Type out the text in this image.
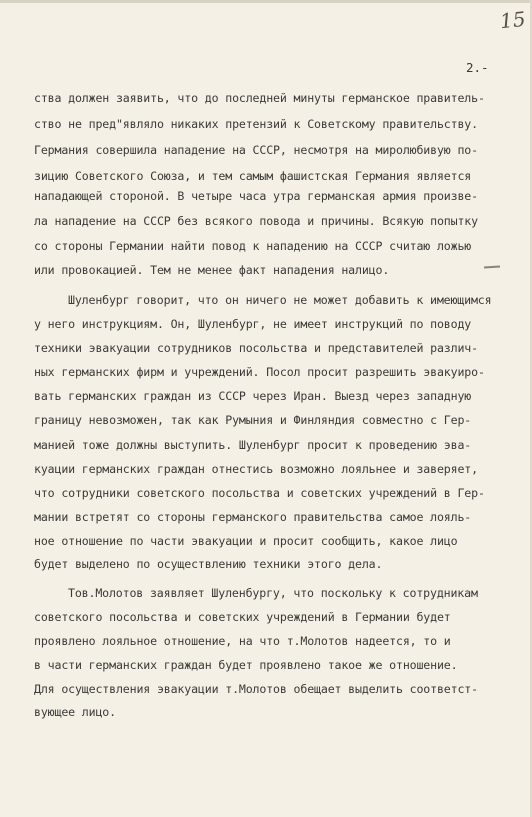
15
2.-
ства должен заявить, что до последней минуты германское правитель-
ство не пред"являло никаких претензий к Советскому правительству.
Германия совершила нападение на СССР, несмотря на миролюбивую по-
зицию Советского Союза, и тем самым фашистская Германия является
нападающей стороной. В четыре часа утра германская армия произве-
ла нападение на СССР без всякого повода и причины. Всякую попытку
со стороны Германии найти повод к нападению на СССР считаю ложью
или провокацией. Тем не менее факт нападения налицо.
Шуленбург говорит, что он ничего не может добавить к имеющимся
у него инструкциям. Он, Шуленбург, не имеет инструкций по поводу
техники эвакуации сотрудников посольства и представителей различ-
ных германских фирм и учреждений. Посол просит разрешить эвакуиро-
вать германских граждан из СССР через Иран. Выезд через западную
границу невозможен, так как Румыния и Финляндия совместно с Гер-
манией тоже должны выступить. Шуленбург просит к проведению эва-
куации германских граждан отнестись возможно лояльнее и заверяет,
что сотрудники советского посольства и советских учреждений в Гер-
мании встретят со стороны германского правительства самое лояль-
ное отношение по части эвакуации и просит сообщить, какое лицо
будет выделено по осуществлению техники этого дела.
Тов.Молотов заявляет Шуленбургу, что поскольку к сотрудникам
советского посольства и советских учреждений в Германии будет
проявлено лояльное отношение, на что т.Молотов надеется, то и
в части германских граждан будет проявлено такое же отношение.
Для осуществления эвакуации т.Молотов обещает выделить соответст-
вующее лицо.
